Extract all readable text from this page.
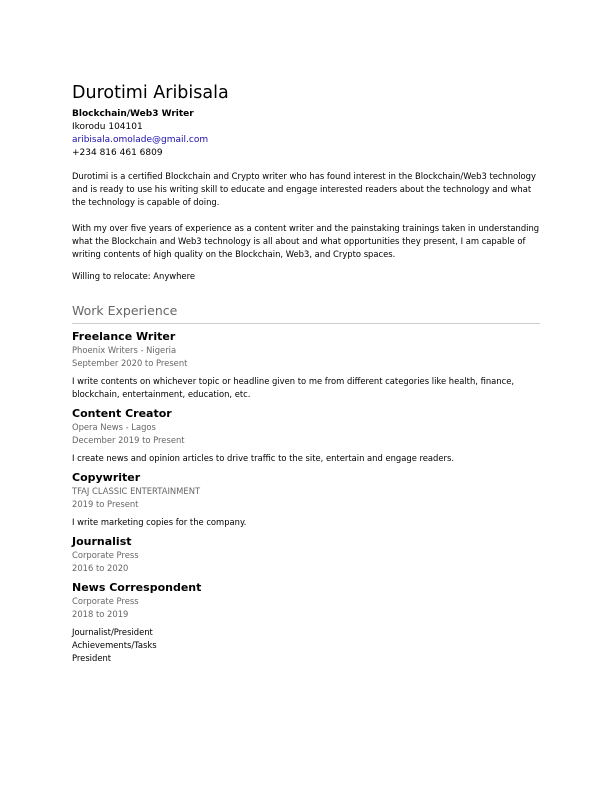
Durotimi Aribisala
Blockchain/Web3 Writer
Ikorodu 104101
aribisala.omolade@gmail.com
+234 816 461 6809

Durotimi is a certified Blockchain and Crypto writer who has found interest in the Blockchain/Web3 technology and is ready to use his writing skill to educate and engage interested readers about the technology and what the technology is capable of doing.

With my over five years of experience as a content writer and the painstaking trainings taken in understanding what the Blockchain and Web3 technology is all about and what opportunities they present, I am capable of writing contents of high quality on the Blockchain, Web3, and Crypto spaces.

Willing to relocate: Anywhere
Work Experience
Freelance Writer
Phoenix Writers - Nigeria
September 2020 to Present
I write contents on whichever topic or headline given to me from different categories like health, finance, blockchain, entertainment, education, etc.
Content Creator
Opera News - Lagos
December 2019 to Present
I create news and opinion articles to drive traffic to the site, entertain and engage readers.
Copywriter
TFAJ CLASSIC ENTERTAINMENT
2019 to Present
I write marketing copies for the company.
Journalist
Corporate Press
2016 to 2020
News Correspondent
Corporate Press
2018 to 2019
Journalist/President
Achievements/Tasks
President
